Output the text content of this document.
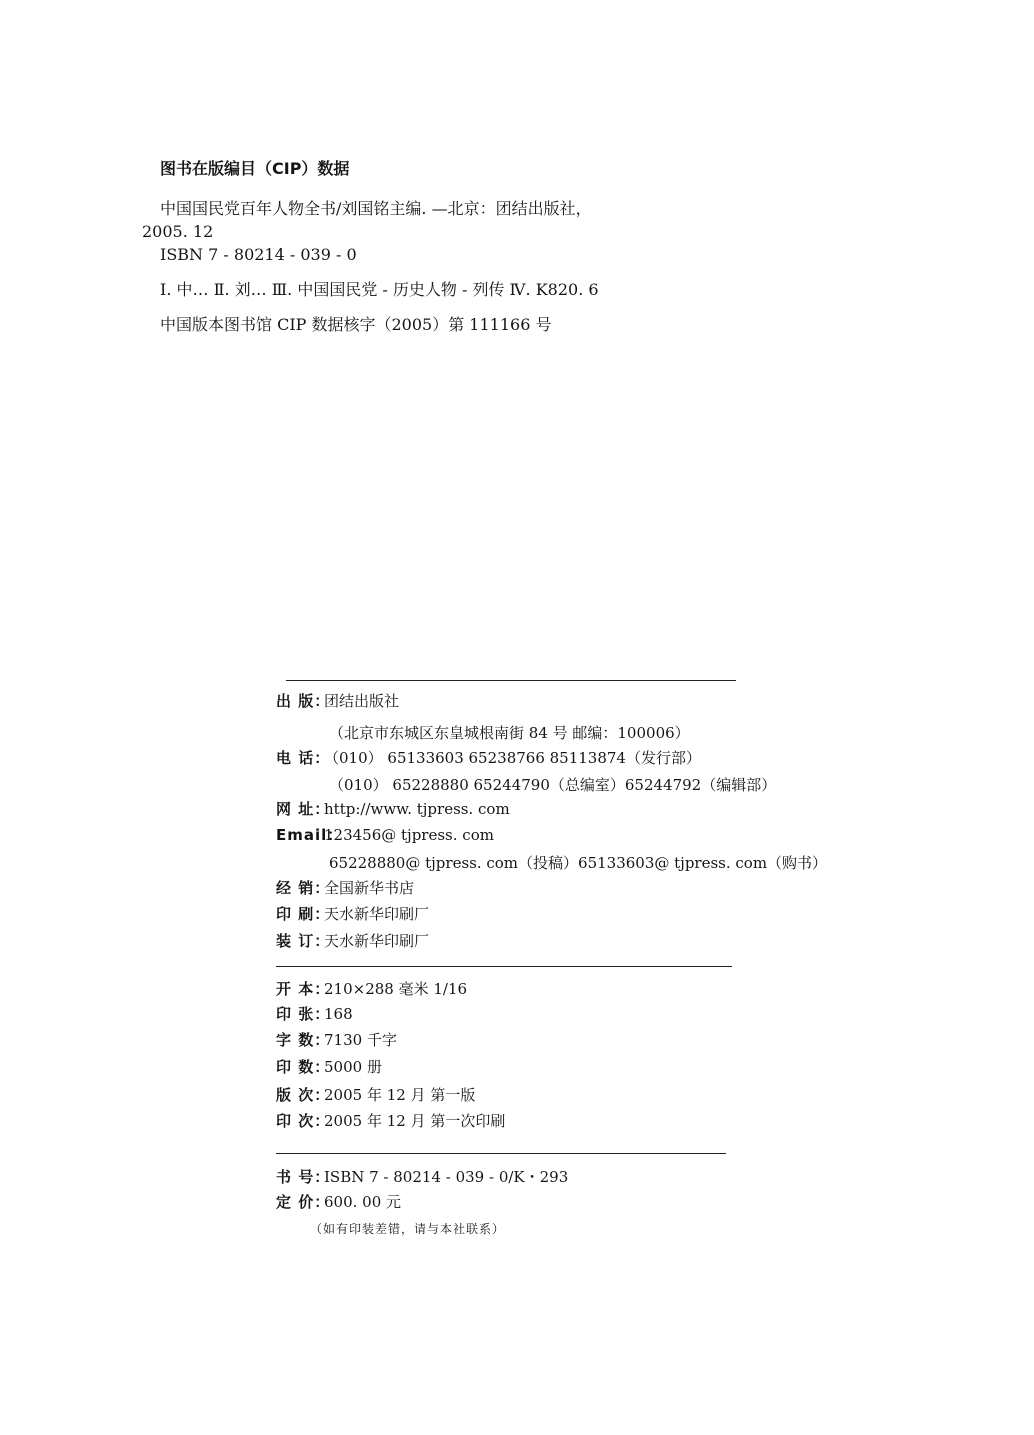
图书在版编目（CIP）数据

中国国民党百年人物全书/刘国铭主编. —北京：团结出版社，2005. 12

ISBN 7 - 80214 - 039 - 0

Ⅰ. 中… Ⅱ. 刘… Ⅲ. 中国国民党 - 历史人物 - 列传 Ⅳ. K820. 6

中国版本图书馆 CIP 数据核字（2005）第 111166 号

出 版：团结出版社
（北京市东城区东皇城根南街 84 号 邮编：100006）
电 话：（010） 65133603 65238766 85113874（发行部）
（010） 65228880 65244790（总编室）65244792（编辑部）
网 址：http://www. tjpress. com
Email：123456@ tjpress. com
65228880@ tjpress. com（投稿）65133603@ tjpress. com（购书）
经 销：全国新华书店
印 刷：天水新华印刷厂
装 订：天水新华印刷厂
开 本：210×288 毫米 1/16
印 张：168
字 数：7130 千字
印 数：5000 册
版 次：2005 年 12 月 第一版
印 次：2005 年 12 月 第一次印刷
书 号：ISBN 7 - 80214 - 039 - 0/K・293
定 价：600. 00 元
（如有印装差错，请与本社联系）
